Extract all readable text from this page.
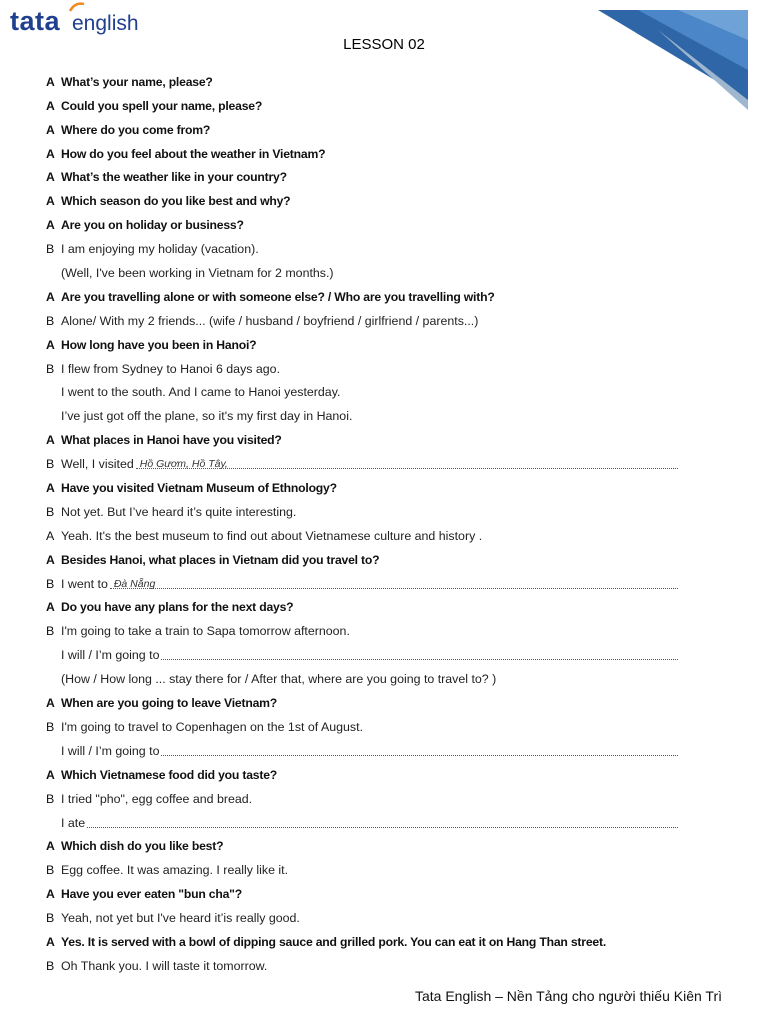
tata english
LESSON 02
A What’s your name, please?
A Could you spell your name, please?
A Where do you come from?
A How do you feel about the weather in Vietnam?
A What’s the weather like in your country?
A Which season do you like best and why?
A Are you on holiday or business?
B I am enjoying my holiday (vacation).
(Well, I've been working in Vietnam for 2 months.)
A Are you travelling alone or with someone else? / Who are you travelling with?
B Alone/ With my 2 friends... (wife / husband / boyfriend / girlfriend / parents...)
A How long have you been in Hanoi?
B I flew from Sydney to Hanoi 6 days ago.
I went to the south. And I came to Hanoi yesterday.
I’ve just got off the plane, so it's my first day in Hanoi.
A What places in Hanoi have you visited?
B Well, I visited Hồ Gươm, Hồ Tây,
A Have you visited Vietnam Museum of Ethnology?
B Not yet. But I’ve heard it’s quite interesting.
A Yeah. It's the best museum to find out about Vietnamese culture and history .
A Besides Hanoi, what places in Vietnam did you travel to?
B I went to Đà Nẵng
A Do you have any plans for the next days?
B I'm going to take a train to Sapa tomorrow afternoon.
I will / I’m going to
(How / How long ... stay there for / After that, where are you going to travel to? )
A When are you going to leave Vietnam?
B I'm going to travel to Copenhagen on the 1st of August.
I will / I’m going to
A Which Vietnamese food did you taste?
B I tried "pho", egg coffee and bread.
I ate
A Which dish do you like best?
B Egg coffee. It was amazing. I really like it.
A Have you ever eaten "bun cha"?
B Yeah, not yet but I've heard it’is really good.
A Yes. It is served with a bowl of dipping sauce and grilled pork. You can eat it on Hang Than street.
B Oh Thank you. I will taste it tomorrow.
Tata English – Nền Tảng cho người thiếu Kiên Trì
